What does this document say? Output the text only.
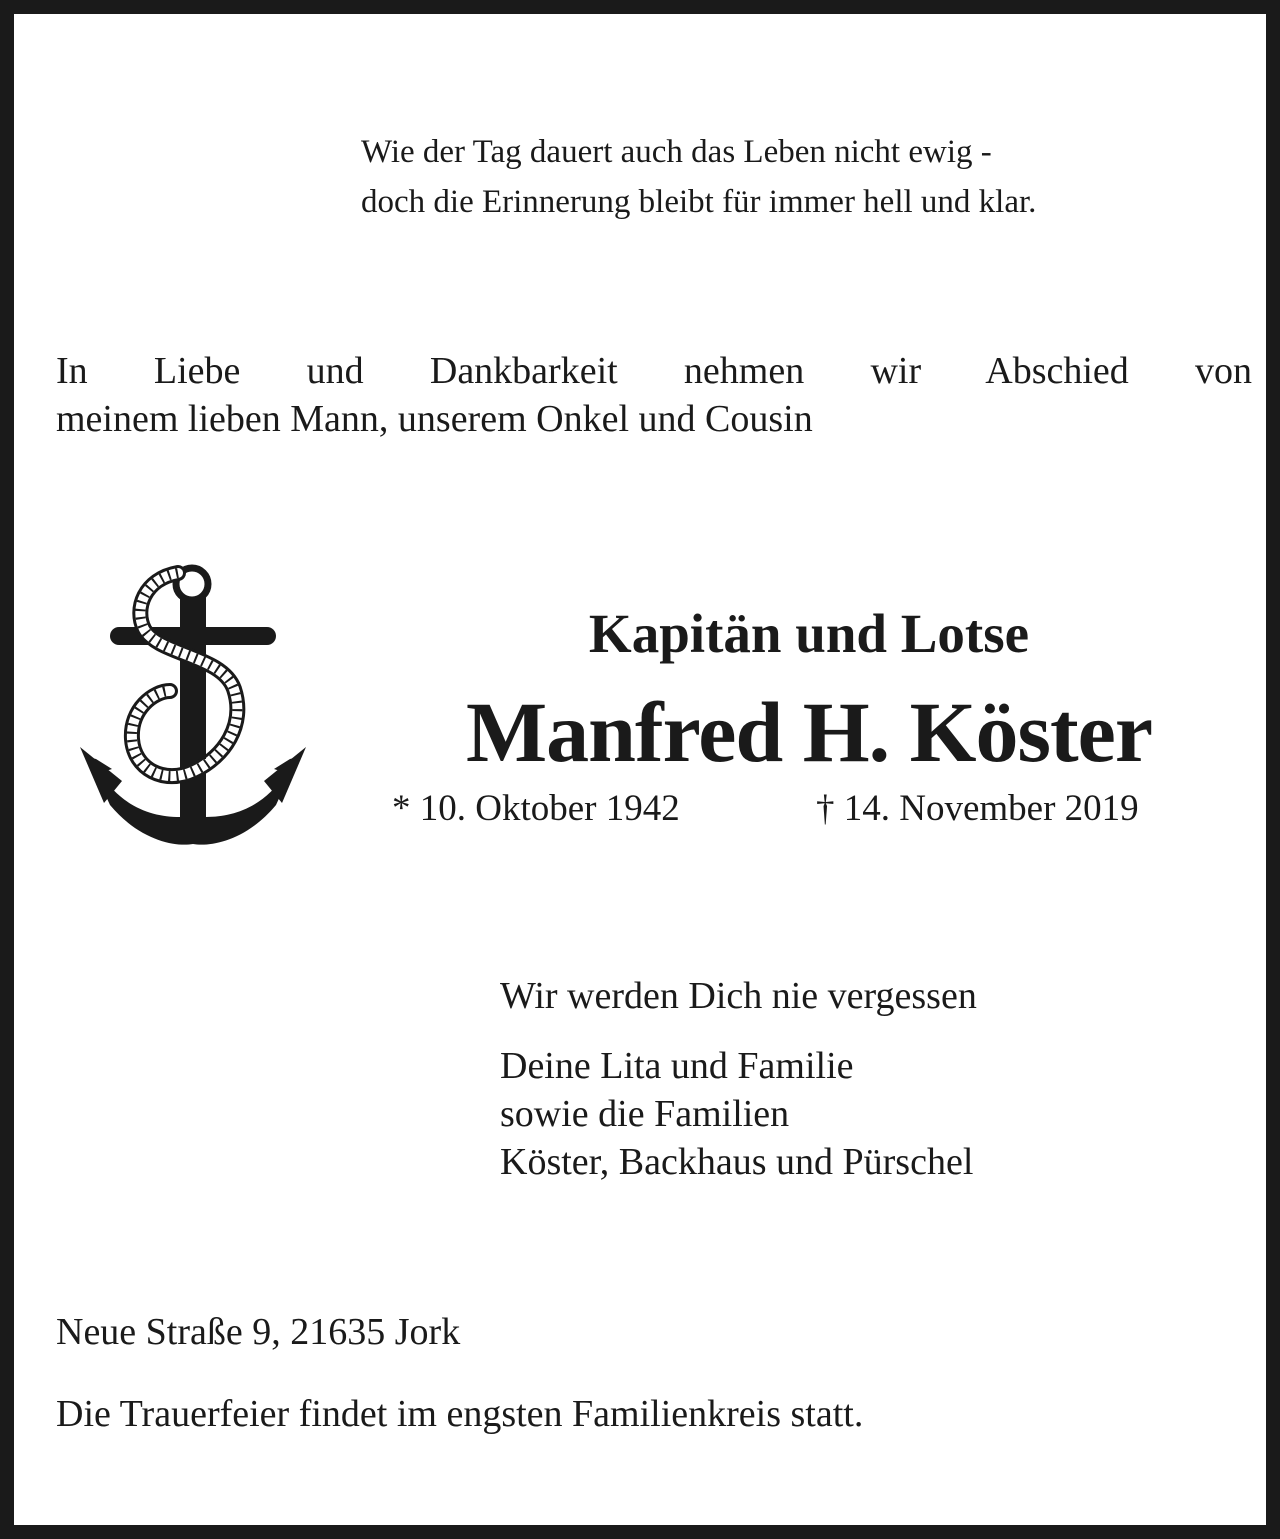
Wie der Tag dauert auch das Leben nicht ewig -
doch die Erinnerung bleibt für immer hell und klar.
In Liebe und Dankbarkeit nehmen wir Abschied von
meinem lieben Mann, unserem Onkel und Cousin
Kapitän und Lotse
Manfred H. Köster
* 10. Oktober 1942	† 14. November 2019
Wir werden Dich nie vergessen
Deine Lita und Familie
sowie die Familien
Köster, Backhaus und Pürschel
Neue Straße 9, 21635 Jork
Die Trauerfeier findet im engsten Familienkreis statt.
